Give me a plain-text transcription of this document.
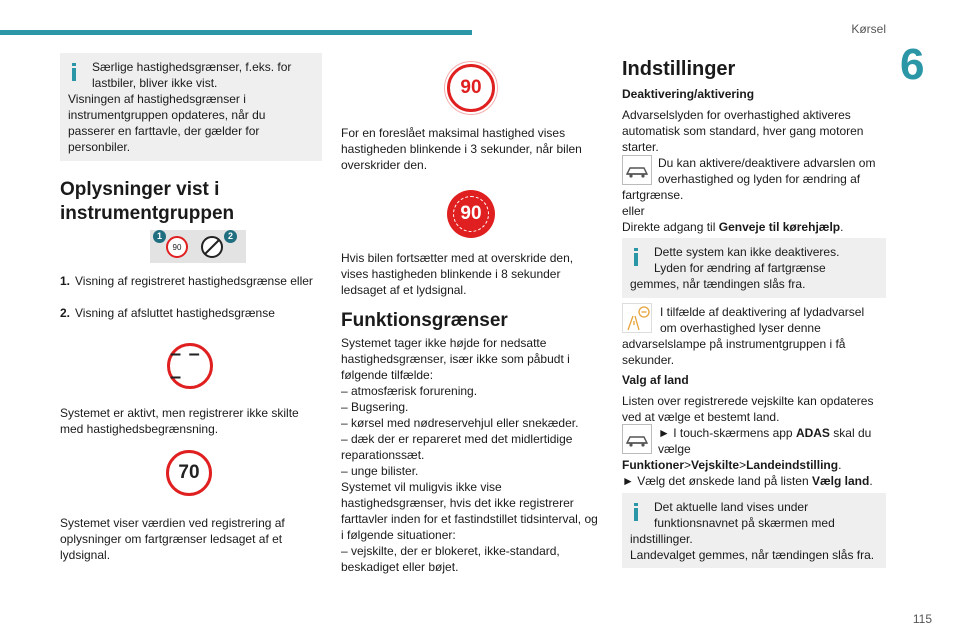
Kørsel
6
115

Særlige hastighedsgrænser, f.eks. for

lastbiler, bliver ikke vist.

Visningen af hastighedsgrænser i instrumentgruppen opdateres, når du passerer en farttavle, der gælder for personbiler.

Oplysninger vist i
instrumentgruppen
1
90
2
1. Visning af registreret hastighedsgrænse eller

2. Visning af afsluttet hastighedsgrænse

– – –

Systemet er aktivt, men registrerer ikke skilte med hastighedsbegrænsning.

70

Systemet viser værdien ved registrering af oplysninger om fartgrænser ledsaget af et lydsignal.

90

For en foreslået maksimal hastighed vises hastigheden blinkende i 3 sekunder, når bilen overskrider den.

90

Hvis bilen fortsætter med at overskride den, vises hastigheden blinkende i 8 sekunder ledsaget af et lydsignal.

Funktionsgrænser

Systemet tager ikke højde for nedsatte hastighedsgrænser, især ikke som påbudt i følgende tilfælde:

– atmosfærisk forurening.

– Bugsering.

– kørsel med nødreservehjul eller snekæder.

– dæk der er repareret med det midlertidige reparationssæt.

– unge bilister.

Systemet vil muligvis ikke vise hastighedsgrænser, hvis det ikke registrerer farttavler inden for et fastindstillet tidsinterval, og i følgende situationer:

– vejskilte, der er blokeret, ikke-standard, beskadiget eller bøjet.

Indstillinger
Deaktivering/aktivering

Advarselslyden for overhastighed aktiveres automatisk som standard, hver gang motoren starter.

Du kan aktivere/deaktivere advarslen om

overhastighed og lyden for ændring af

fartgrænse.

eller

Direkte adgang til Genveje til kørehjælp.

Dette system kan ikke deaktiveres.

Lyden for ændring af fartgrænse

gemmes, når tændingen slås fra.

I tilfælde af deaktivering af lydadvarsel

om overhastighed lyser denne

advarselslampe på instrumentgruppen i få sekunder.

Valg af land

Listen over registrerede vejskilte kan opdateres ved at vælge et bestemt land.

► I touch-skærmens app ADAS skal du

vælge

Funktioner>Vejskilte>Landeindstilling.

► Vælg det ønskede land på listen Vælg land.

Det aktuelle land vises under

funktionsnavnet på skærmen med

indstillinger.

Landevalget gemmes, når tændingen slås fra.
